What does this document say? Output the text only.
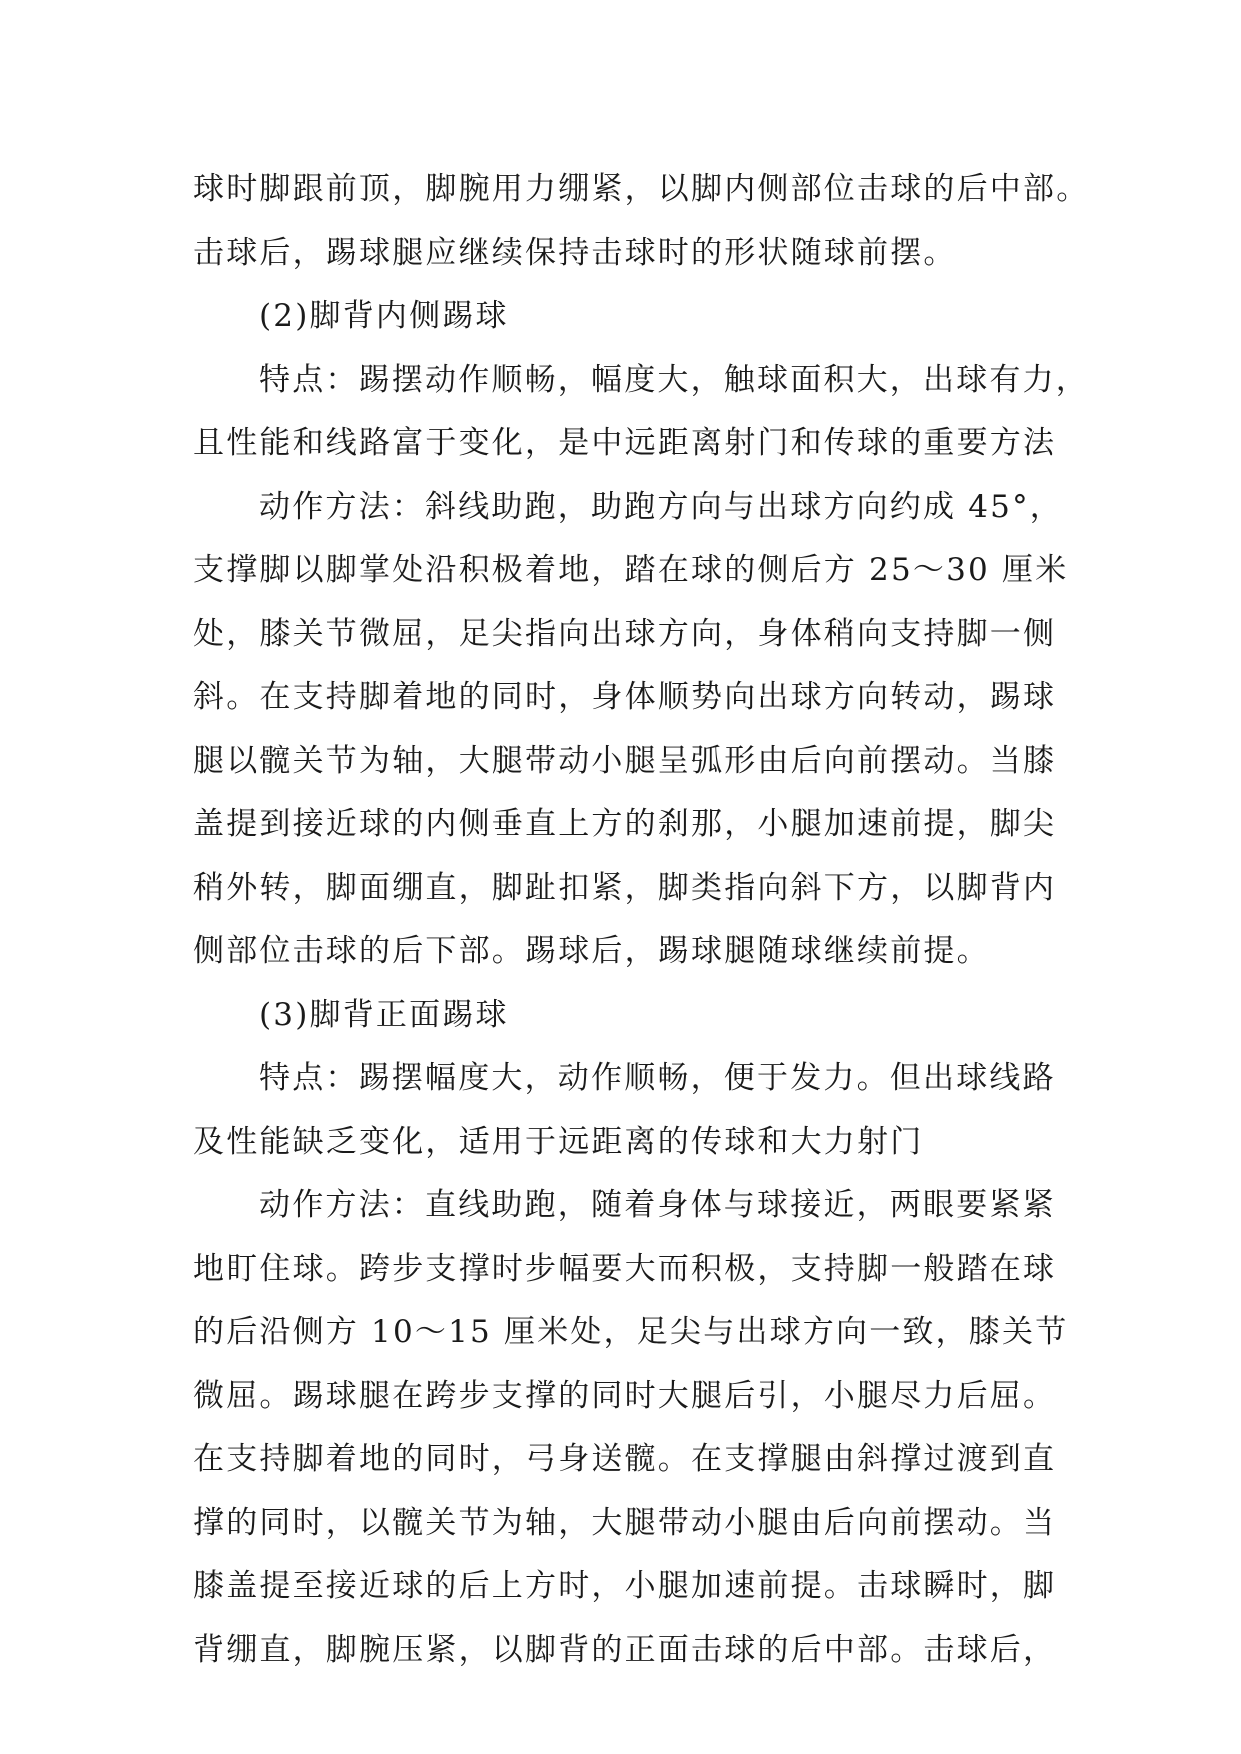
球时脚跟前顶，脚腕用力绷紧，以脚内侧部位击球的后中部。
击球后，踢球腿应继续保持击球时的形状随球前摆。
(2)脚背内侧踢球
特点：踢摆动作顺畅，幅度大，触球面积大，出球有力，
且性能和线路富于变化，是中远距离射门和传球的重要方法
动作方法：斜线助跑，助跑方向与出球方向约成 45°，
支撑脚以脚掌处沿积极着地，踏在球的侧后方 25～30 厘米
处，膝关节微屈，足尖指向出球方向，身体稍向支持脚一侧
斜。在支持脚着地的同时，身体顺势向出球方向转动，踢球
腿以髋关节为轴，大腿带动小腿呈弧形由后向前摆动。当膝
盖提到接近球的内侧垂直上方的刹那，小腿加速前提，脚尖
稍外转，脚面绷直，脚趾扣紧，脚类指向斜下方，以脚背内
侧部位击球的后下部。踢球后，踢球腿随球继续前提。
(3)脚背正面踢球
特点：踢摆幅度大，动作顺畅，便于发力。但出球线路
及性能缺乏变化，适用于远距离的传球和大力射门
动作方法：直线助跑，随着身体与球接近，两眼要紧紧
地盯住球。跨步支撑时步幅要大而积极，支持脚一般踏在球
的后沿侧方 10～15 厘米处，足尖与出球方向一致，膝关节
微屈。踢球腿在跨步支撑的同时大腿后引，小腿尽力后屈。
在支持脚着地的同时，弓身送髋。在支撑腿由斜撑过渡到直
撑的同时，以髋关节为轴，大腿带动小腿由后向前摆动。当
膝盖提至接近球的后上方时，小腿加速前提。击球瞬时，脚
背绷直，脚腕压紧，以脚背的正面击球的后中部。击球后，
